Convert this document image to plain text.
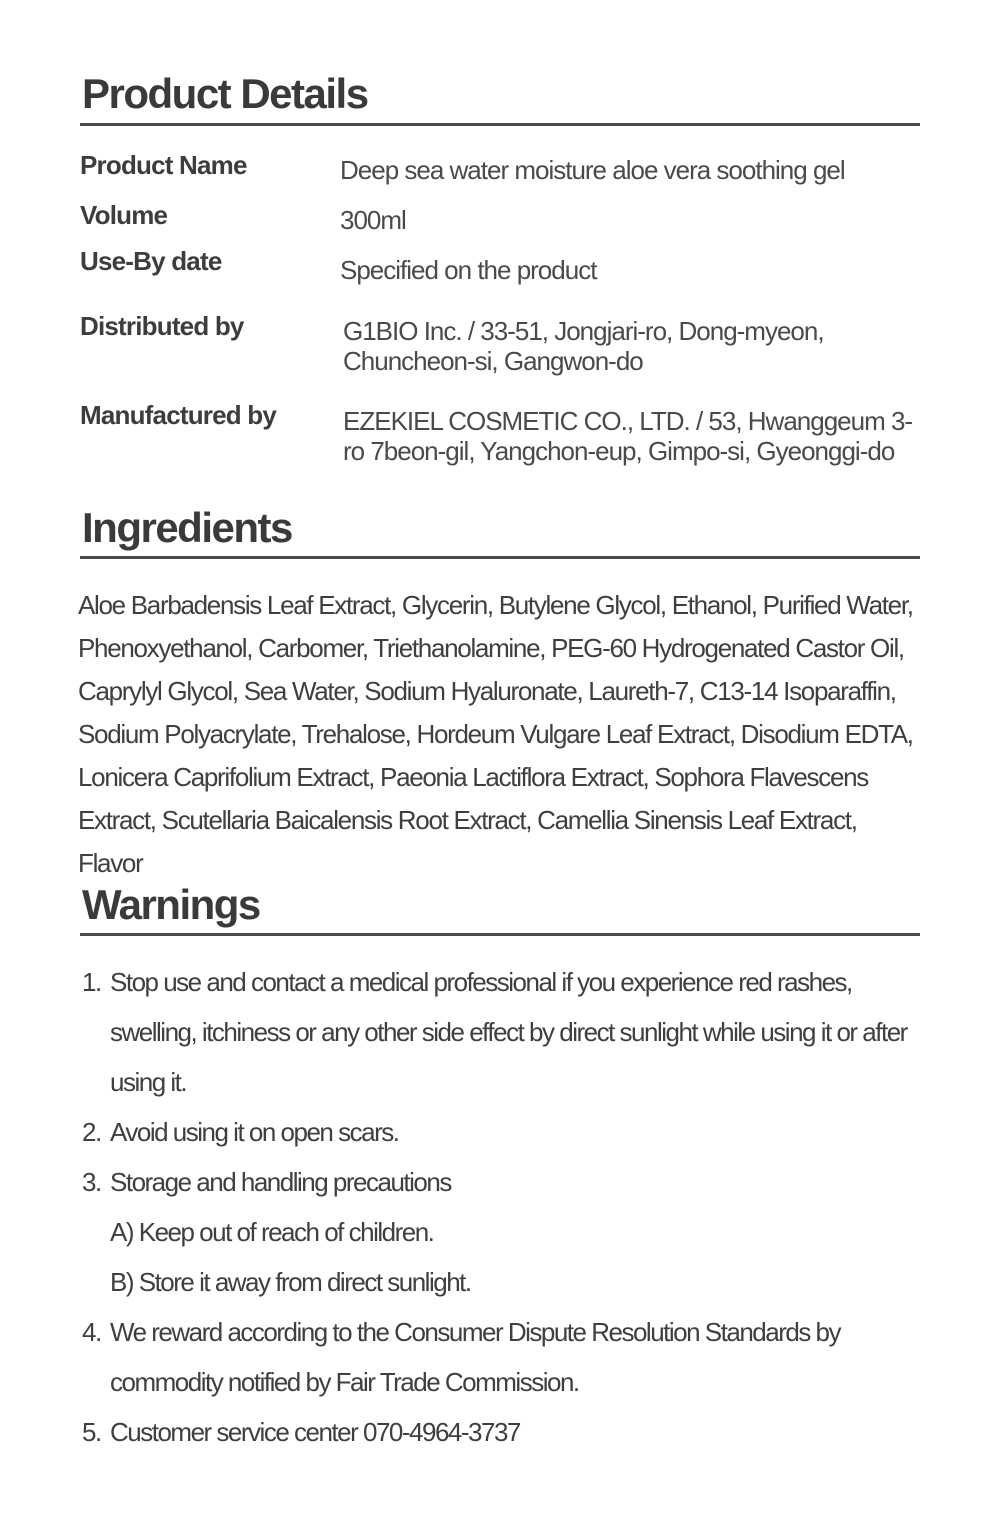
Product Details
Product Name	Deep sea water moisture aloe vera soothing gel
Volume	300ml
Use-By date	Specified on the product
Distributed by	G1BIO Inc. / 33-51, Jongjari-ro, Dong-myeon, Chuncheon-si, Gangwon-do
Manufactured by	EZEKIEL COSMETIC CO., LTD. / 53, Hwanggeum 3-ro 7beon-gil, Yangchon-eup, Gimpo-si, Gyeonggi-do
Ingredients

Aloe Barbadensis Leaf Extract, Glycerin, Butylene Glycol, Ethanol, Purified Water, Phenoxyethanol, Carbomer, Triethanolamine, PEG-60 Hydrogenated Castor Oil, Caprylyl Glycol, Sea Water, Sodium Hyaluronate, Laureth-7, C13-14 Isoparaffin, Sodium Polyacrylate, Trehalose, Hordeum Vulgare Leaf Extract, Disodium EDTA, Lonicera Caprifolium Extract, Paeonia Lactiflora Extract, Sophora Flavescens Extract, Scutellaria Baicalensis Root Extract, Camellia Sinensis Leaf Extract, Flavor

Warnings
1. Stop use and contact a medical professional if you experience red rashes, swelling, itchiness or any other side effect by direct sunlight while using it or after using it.
2. Avoid using it on open scars.
3. Storage and handling precautions
A) Keep out of reach of children.
B) Store it away from direct sunlight.
4. We reward according to the Consumer Dispute Resolution Standards by commodity notified by Fair Trade Commission.
5. Customer service center 070-4964-3737
